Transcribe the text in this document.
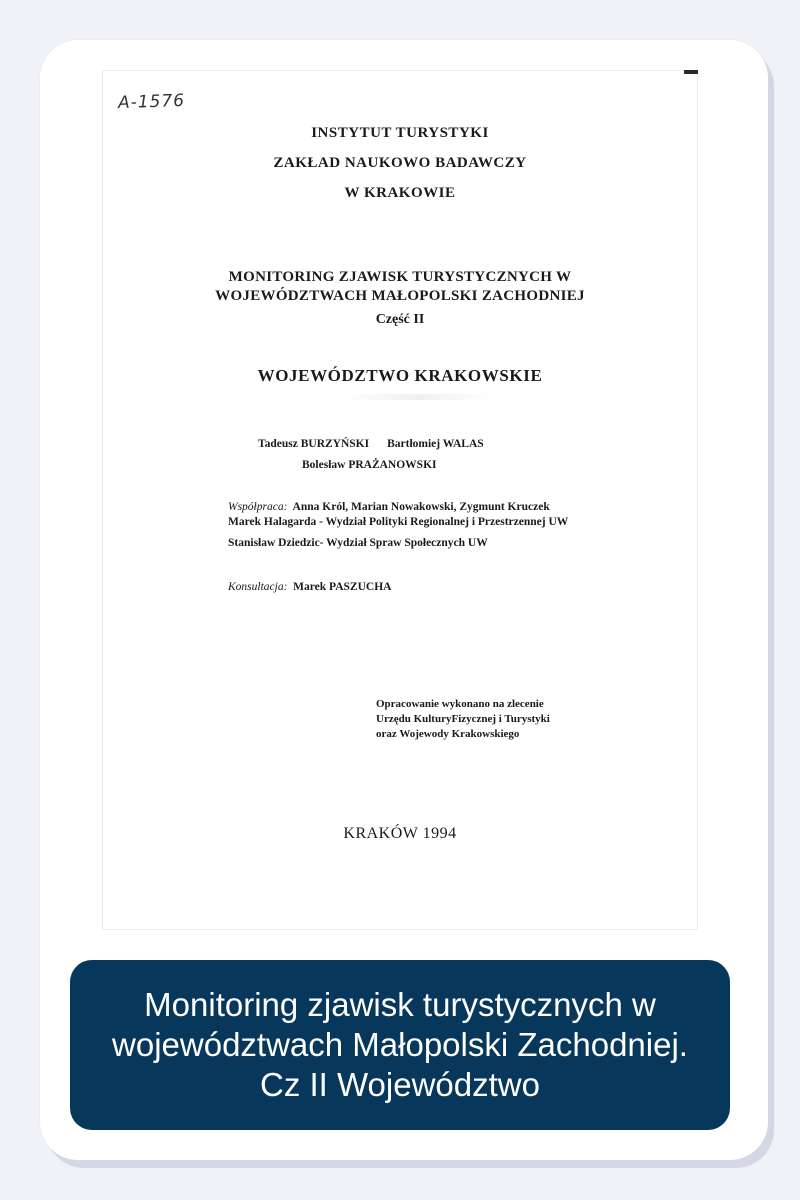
A-1576
INSTYTUT TURYSTYKI
ZAKŁAD NAUKOWO BADAWCZY
W KRAKOWIE
MONITORING ZJAWISK TURYSTYCZNYCH W
WOJEWÓDZTWACH MAŁOPOLSKI ZACHODNIEJ
Część II
WOJEWÓDZTWO KRAKOWSKIE
Tadeusz BURZYŃSKI Bartłomiej WALAS
Bolesław PRAŻANOWSKI
Współpraca: Anna Król, Marian Nowakowski, Zygmunt Kruczek
Marek Halagarda - Wydział Polityki Regionalnej i Przestrzennej UW
Stanisław Dziedzic- Wydział Spraw Społecznych UW
Konsultacja: Marek PASZUCHA
Opracowanie wykonano na zlecenie
Urzędu KulturyFizycznej i Turystyki
oraz Wojewody Krakowskiego
KRAKÓW 1994
Monitoring zjawisk turystycznych w województwach Małopolski Zachodniej. Cz II Województwo
